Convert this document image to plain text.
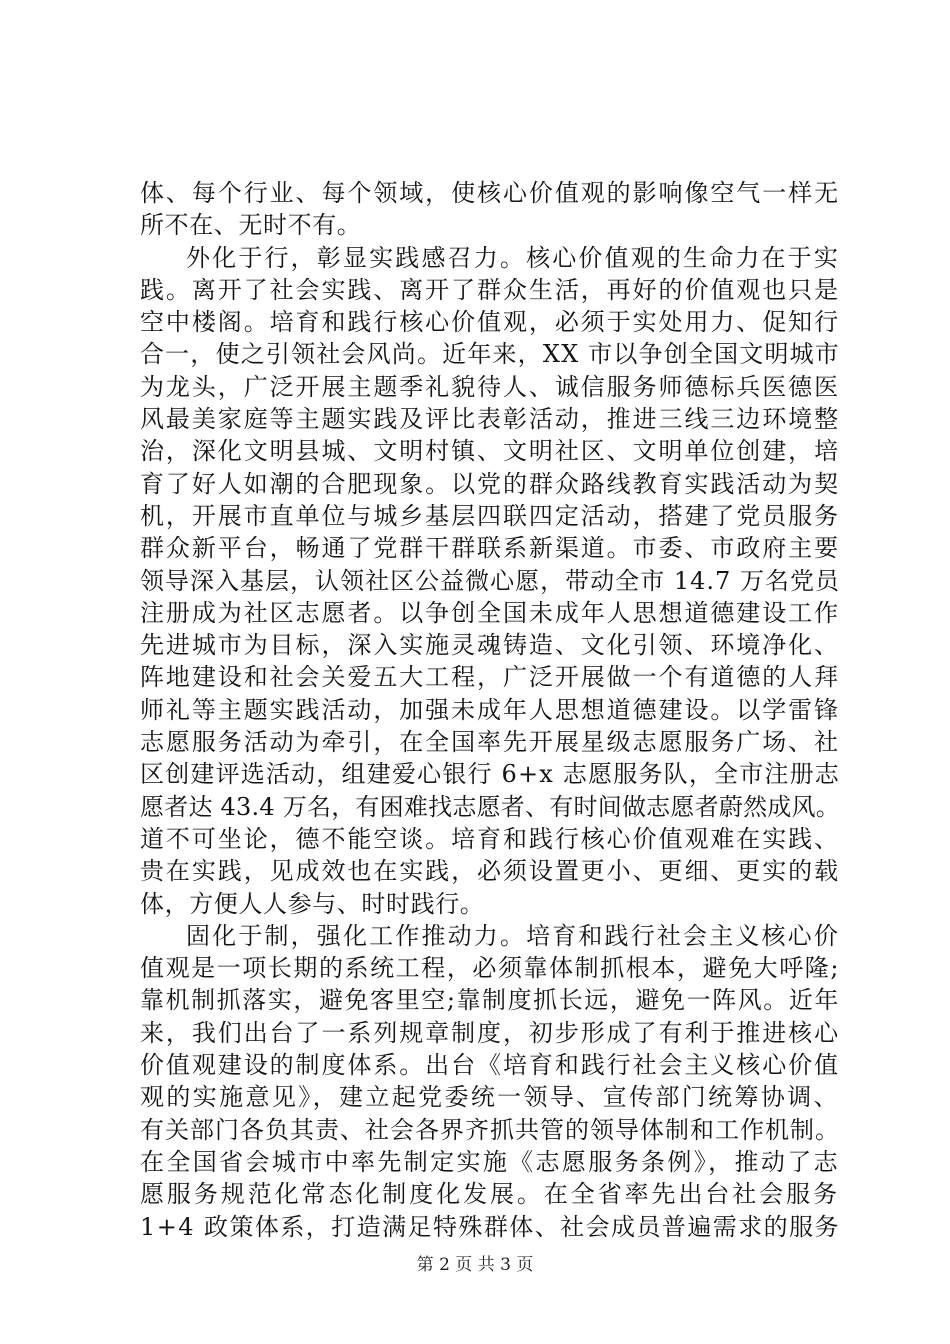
体、每个行业、每个领域，使核心价值观的影响像空气一样无
所不在、无时不有。
外化于行，彰显实践感召力。核心价值观的生命力在于实
践。离开了社会实践、离开了群众生活，再好的价值观也只是
空中楼阁。培育和践行核心价值观，必须于实处用力、促知行
合一，使之引领社会风尚。近年来，XX 市以争创全国文明城市
为龙头，广泛开展主题季礼貌待人、诚信服务师德标兵医德医
风最美家庭等主题实践及评比表彰活动，推进三线三边环境整
治，深化文明县城、文明村镇、文明社区、文明单位创建，培
育了好人如潮的合肥现象。以党的群众路线教育实践活动为契
机，开展市直单位与城乡基层四联四定活动，搭建了党员服务
群众新平台，畅通了党群干群联系新渠道。市委、市政府主要
领导深入基层，认领社区公益微心愿，带动全市 14.7 万名党员
注册成为社区志愿者。以争创全国未成年人思想道德建设工作
先进城市为目标，深入实施灵魂铸造、文化引领、环境净化、
阵地建设和社会关爱五大工程，广泛开展做一个有道德的人拜
师礼等主题实践活动，加强未成年人思想道德建设。以学雷锋
志愿服务活动为牵引，在全国率先开展星级志愿服务广场、社
区创建评选活动，组建爱心银行 6+x 志愿服务队，全市注册志
愿者达 43.4 万名，有困难找志愿者、有时间做志愿者蔚然成风。
道不可坐论，德不能空谈。培育和践行核心价值观难在实践、
贵在实践，见成效也在实践，必须设置更小、更细、更实的载
体，方便人人参与、时时践行。
固化于制，强化工作推动力。培育和践行社会主义核心价
值观是一项长期的系统工程，必须靠体制抓根本，避免大呼隆;
靠机制抓落实，避免客里空;靠制度抓长远，避免一阵风。近年
来，我们出台了一系列规章制度，初步形成了有利于推进核心
价值观建设的制度体系。出台《培育和践行社会主义核心价值
观的实施意见》，建立起党委统一领导、宣传部门统筹协调、
有关部门各负其责、社会各界齐抓共管的领导体制和工作机制。
在全国省会城市中率先制定实施《志愿服务条例》，推动了志
愿服务规范化常态化制度化发展。在全省率先出台社会服务
1+4 政策体系，打造满足特殊群体、社会成员普遍需求的服务
第 2 页 共 3 页
